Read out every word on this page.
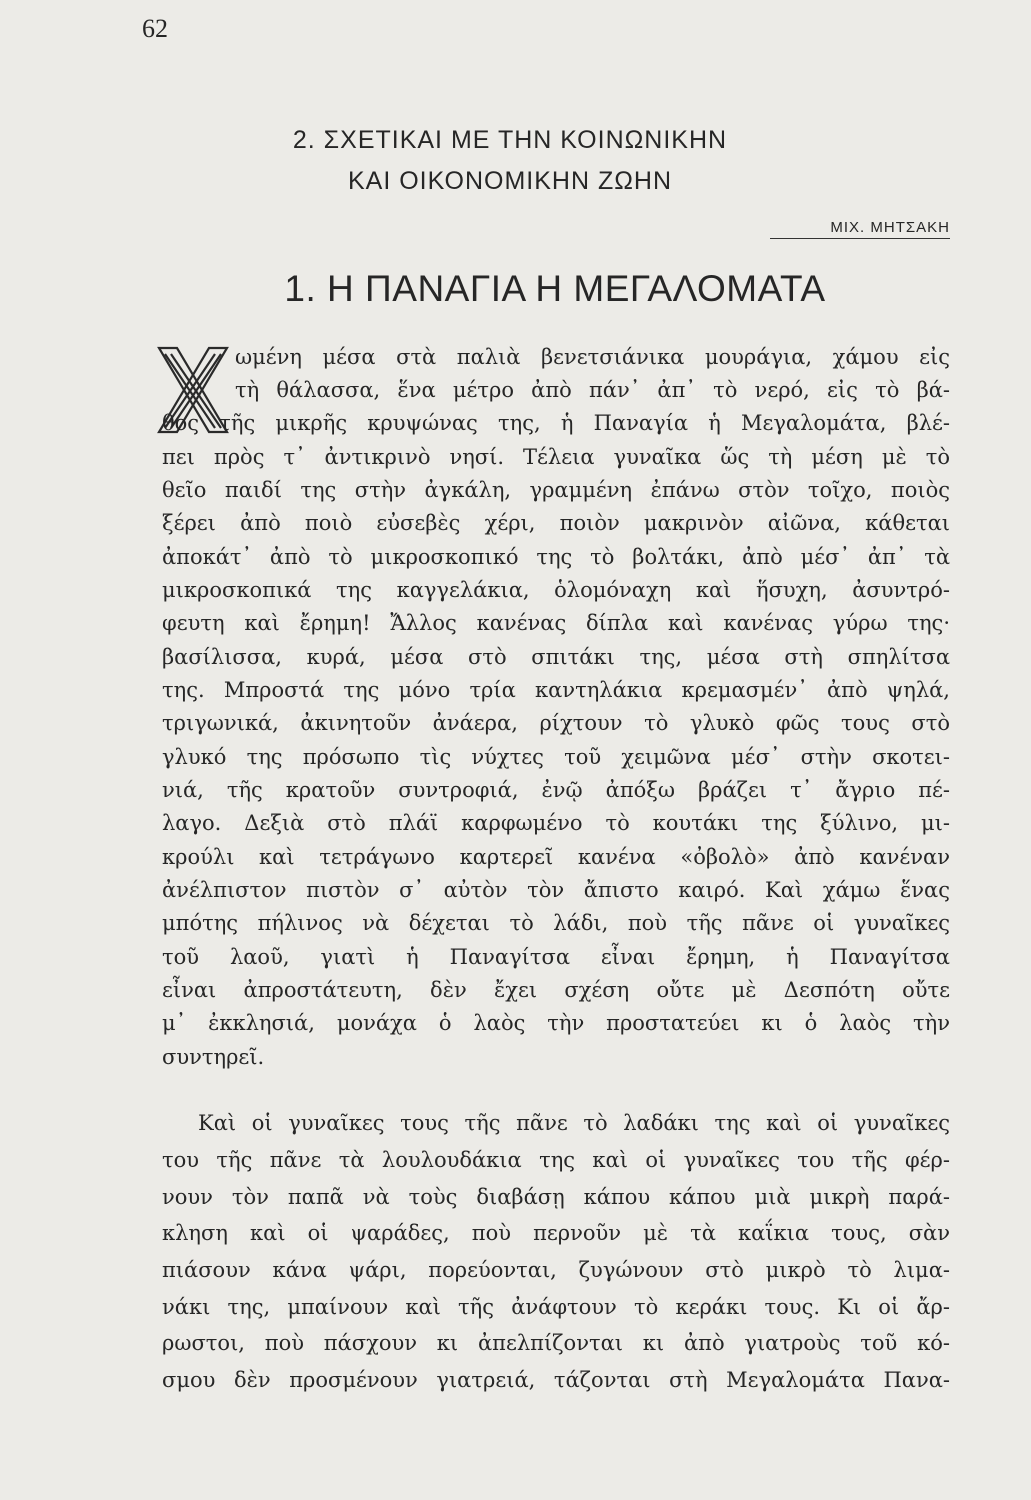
62
2. ΣΧΕΤΙΚΑΙ ΜΕ ΤΗΝ ΚΟΙΝΩΝΙΚΗΝ
ΚΑΙ ΟΙΚΟΝΟΜΙΚΗΝ ΖΩΗΝ
ΜΙΧ. ΜΗΤΣΑΚΗ
1. Η ΠΑΝΑΓΙΑ Η ΜΕΓΑΛΟΜΑΤΑ
ωμένη μέσα στὰ παλιὰ βενετσιάνικα μουράγια, χάμου εἰς
τὴ θάλασσα, ἕνα μέτρο ἀπὸ πάν᾽ ἀπ᾽ τὸ νερό, εἰς τὸ βά-
θος τῆς μικρῆς κρυψώνας της, ἡ Παναγία ἡ Μεγαλομάτα, βλέ-
πει πρὸς τ᾽ ἀντικρινὸ νησί. Τέλεια γυναῖκα ὥς τὴ μέση μὲ τὸ
θεῖο παιδί της στὴν ἀγκάλη, γραμμένη ἐπάνω στὸν τοῖχο, ποιὸς
ξέρει ἀπὸ ποιὸ εὐσεβὲς χέρι, ποιὸν μακρινὸν αἰῶνα, κάθεται
ἀποκάτ᾽ ἀπὸ τὸ μικροσκοπικό της τὸ βολτάκι, ἀπὸ μέσ᾽ ἀπ᾽ τὰ
μικροσκοπικά της καγγελάκια, ὁλομόναχη καὶ ἥσυχη, ἀσυντρό-
φευτη καὶ ἔρημη! Ἄλλος κανένας δίπλα καὶ κανένας γύρω της·
βασίλισσα, κυρά, μέσα στὸ σπιτάκι της, μέσα στὴ σπηλίτσα
της. Μπροστά της μόνο τρία καντηλάκια κρεμασμέν᾽ ἀπὸ ψηλά,
τριγωνικά, ἀκινητοῦν ἀνάερα, ρίχτουν τὸ γλυκὸ φῶς τους στὸ
γλυκό της πρόσωπο τὶς νύχτες τοῦ χειμῶνα μέσ᾽ στὴν σκοτει-
νιά, τῆς κρατοῦν συντροφιά, ἐνῷ ἀπόξω βράζει τ᾽ ἄγριο πέ-
λαγο. Δεξιὰ στὸ πλάϊ καρφωμένο τὸ κουτάκι της ξύλινο, μι-
κρούλι καὶ τετράγωνο καρτερεῖ κανένα «ὀβολὸ» ἀπὸ κανέναν
ἀνέλπιστον πιστὸν σ᾽ αὐτὸν τὸν ἄπιστο καιρό. Καὶ χάμω ἕνας
μπότης πήλινος νὰ δέχεται τὸ λάδι, ποὺ τῆς πᾶνε οἱ γυναῖκες
τοῦ λαοῦ, γιατὶ ἡ Παναγίτσα εἶναι ἔρημη, ἡ Παναγίτσα
εἶναι ἀπροστάτευτη, δὲν ἔχει σχέση οὔτε μὲ Δεσπότη οὔτε
μ᾽ ἐκκλησιά, μονάχα ὁ λαὸς τὴν προστατεύει κι ὁ λαὸς τὴν
συντηρεῖ.
Καὶ οἱ γυναῖκες τους τῆς πᾶνε τὸ λαδάκι της καὶ οἱ γυναῖκες
του τῆς πᾶνε τὰ λουλουδάκια της καὶ οἱ γυναῖκες του τῆς φέρ-
νουν τὸν παπᾶ νὰ τοὺς διαβάσῃ κάπου κάπου μιὰ μικρὴ παρά-
κληση καὶ οἱ ψαράδες, ποὺ περνοῦν μὲ τὰ καΐκια τους, σὰν
πιάσουν κάνα ψάρι, πορεύονται, ζυγώνουν στὸ μικρὸ τὸ λιμα-
νάκι της, μπαίνουν καὶ τῆς ἀνάφτουν τὸ κεράκι τους. Κι οἱ ἄρ-
ρωστοι, ποὺ πάσχουν κι ἀπελπίζονται κι ἀπὸ γιατροὺς τοῦ κό-
σμου δὲν προσμένουν γιατρειά, τάζονται στὴ Μεγαλομάτα Πανα-
